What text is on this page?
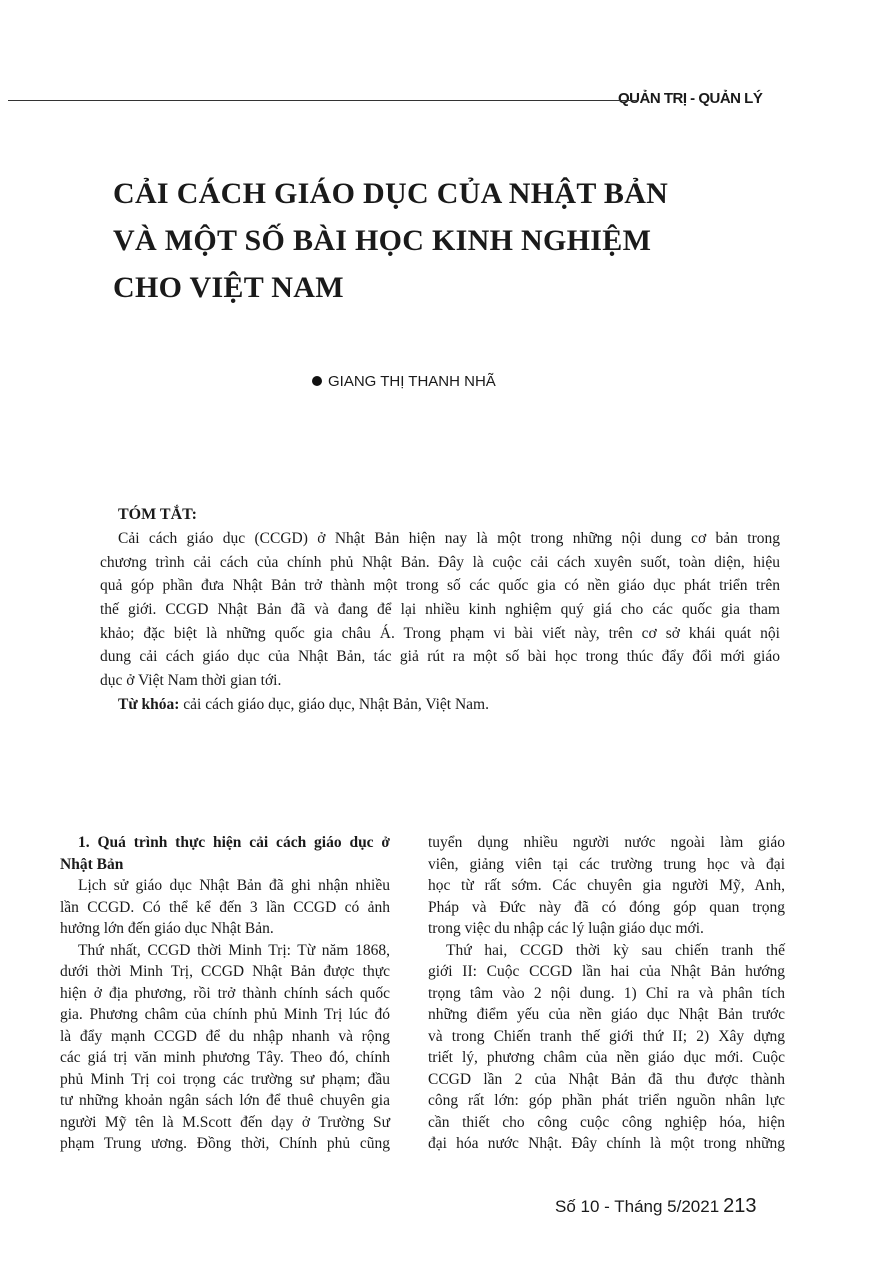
QUẢN TRỊ - QUẢN LÝ
CẢI CÁCH GIÁO DỤC CỦA NHẬT BẢN
VÀ MỘT SỐ BÀI HỌC KINH NGHIỆM
CHO VIỆT NAM
GIANG THỊ THANH NHÃ
TÓM TẮT:
Cải cách giáo dục (CCGD) ở Nhật Bản hiện nay là một trong những nội dung cơ bản trong
chương trình cải cách của chính phủ Nhật Bản. Đây là cuộc cải cách xuyên suốt, toàn diện, hiệu
quả góp phần đưa Nhật Bản trở thành một trong số các quốc gia có nền giáo dục phát triển trên
thế giới. CCGD Nhật Bản đã và đang để lại nhiều kinh nghiệm quý giá cho các quốc gia tham
khảo; đặc biệt là những quốc gia châu Á. Trong phạm vi bài viết này, trên cơ sở khái quát nội
dung cải cách giáo dục của Nhật Bản, tác giả rút ra một số bài học trong thúc đẩy đổi mới giáo
dục ở Việt Nam thời gian tới.
Từ khóa: cải cách giáo dục, giáo dục, Nhật Bản, Việt Nam.
1. Quá trình thực hiện cải cách giáo dục ở
Nhật Bản
Lịch sử giáo dục Nhật Bản đã ghi nhận nhiều
lần CCGD. Có thể kể đến 3 lần CCGD có ảnh
hưởng lớn đến giáo dục Nhật Bản.
Thứ nhất, CCGD thời Minh Trị: Từ năm 1868,
dưới thời Minh Trị, CCGD Nhật Bản được thực
hiện ở địa phương, rồi trở thành chính sách quốc
gia. Phương châm của chính phủ Minh Trị lúc đó
là đẩy mạnh CCGD để du nhập nhanh và rộng
các giá trị văn minh phương Tây. Theo đó, chính
phủ Minh Trị coi trọng các trường sư phạm; đầu
tư những khoản ngân sách lớn để thuê chuyên gia
người Mỹ tên là M.Scott đến dạy ở Trường Sư
phạm Trung ương. Đồng thời, Chính phủ cũng
tuyển dụng nhiều người nước ngoài làm giáo
viên, giảng viên tại các trường trung học và đại
học từ rất sớm. Các chuyên gia người Mỹ, Anh,
Pháp và Đức này đã có đóng góp quan trọng
trong việc du nhập các lý luận giáo dục mới.
Thứ hai, CCGD thời kỳ sau chiến tranh thế
giới II: Cuộc CCGD lần hai của Nhật Bản hướng
trọng tâm vào 2 nội dung. 1) Chỉ ra và phân tích
những điểm yếu của nền giáo dục Nhật Bản trước
và trong Chiến tranh thế giới thứ II; 2) Xây dựng
triết lý, phương châm của nền giáo dục mới. Cuộc
CCGD lần 2 của Nhật Bản đã thu được thành
công rất lớn: góp phần phát triển nguồn nhân lực
cần thiết cho công cuộc công nghiệp hóa, hiện
đại hóa nước Nhật. Đây chính là một trong những
Số 10 - Tháng 5/2021 213
